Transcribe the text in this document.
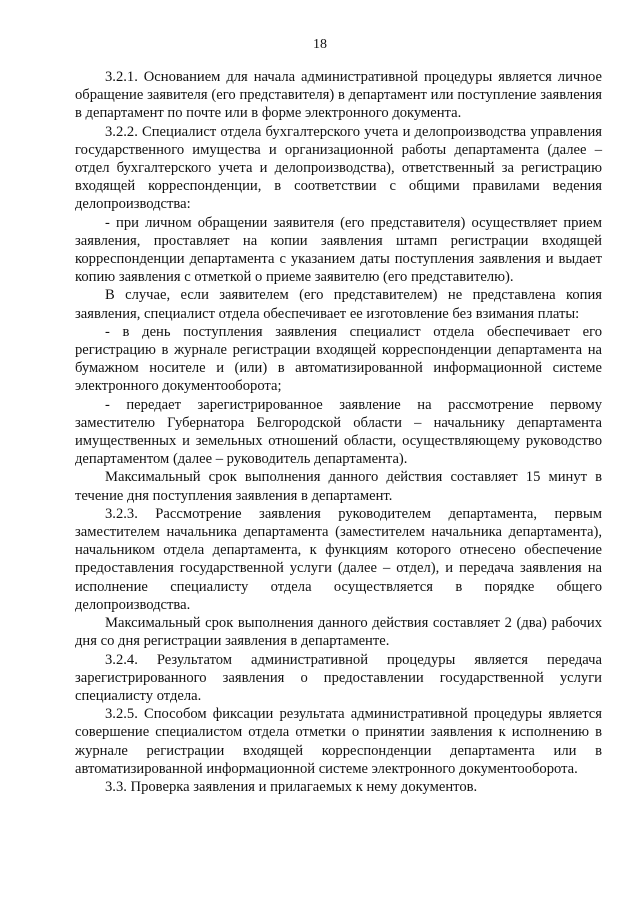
18

3.2.1. Основанием для начала административной процедуры является личное обращение заявителя (его представителя) в департамент или поступление заявления в департамент по почте или в форме электронного документа.

3.2.2. Специалист отдела бухгалтерского учета и делопроизводства управления государственного имущества и организационной работы департамента (далее – отдел бухгалтерского учета и делопроизводства), ответственный за регистрацию входящей корреспонденции, в соответствии с общими правилами ведения делопроизводства:

- при личном обращении заявителя (его представителя) осуществляет прием заявления, проставляет на копии заявления штамп регистрации входящей корреспонденции департамента с указанием даты поступления заявления и выдает копию заявления с отметкой о приеме заявителю (его представителю).

В случае, если заявителем (его представителем) не представлена копия заявления, специалист отдела обеспечивает ее изготовление без взимания платы:

- в день поступления заявления специалист отдела обеспечивает его регистрацию в журнале регистрации входящей корреспонденции департамента на бумажном носителе и (или) в автоматизированной информационной системе электронного документооборота;

- передает зарегистрированное заявление на рассмотрение первому заместителю Губернатора Белгородской области – начальнику департамента имущественных и земельных отношений области, осуществляющему руководство департаментом (далее – руководитель департамента).

Максимальный срок выполнения данного действия составляет 15 минут в течение дня поступления заявления в департамент.

3.2.3. Рассмотрение заявления руководителем департамента, первым заместителем начальника департамента (заместителем начальника департамента), начальником отдела департамента, к функциям которого отнесено обеспечение предоставления государственной услуги (далее – отдел), и передача заявления на исполнение специалисту отдела осуществляется в порядке общего делопроизводства.

Максимальный срок выполнения данного действия составляет 2 (два) рабочих дня со дня регистрации заявления в департаменте.

3.2.4. Результатом административной процедуры является передача зарегистрированного заявления о предоставлении государственной услуги специалисту отдела.

3.2.5. Способом фиксации результата административной процедуры является совершение специалистом отдела отметки о принятии заявления к исполнению в журнале регистрации входящей корреспонденции департамента или в автоматизированной информационной системе электронного документооборота.

3.3. Проверка заявления и прилагаемых к нему документов.
